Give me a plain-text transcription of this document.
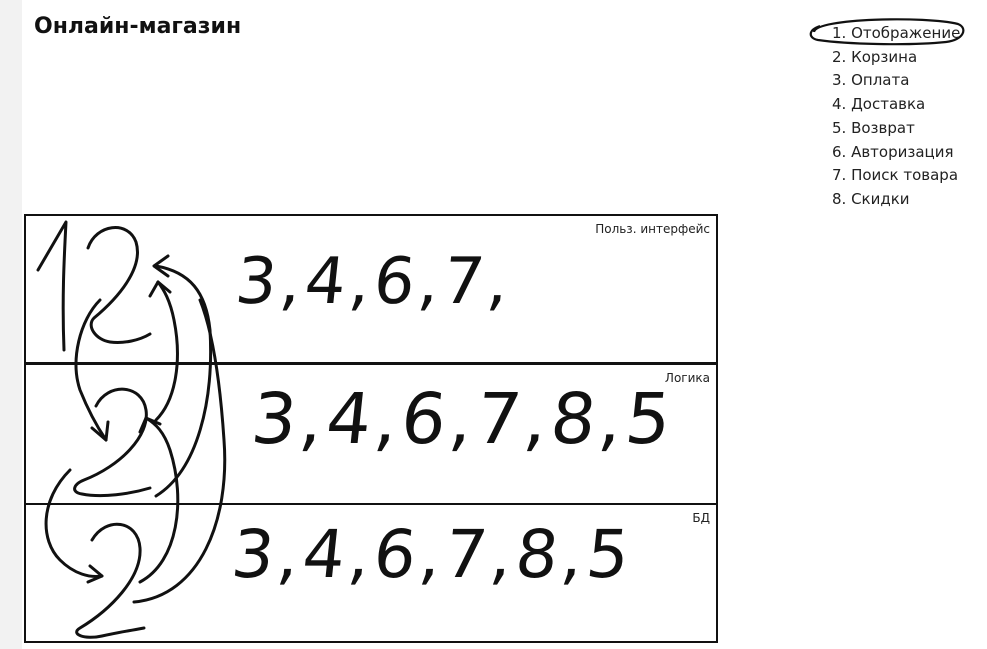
Онлайн-магазин	1. Отображение
2. Корзина
3. Оплата
4. Доставка
5. Возврат
6. Авторизация
7. Поиск товара
8. Скидки
Польз. интерфейс
Логика
БД
3,4,6,7,
3,4,6,7,8,5
3,4,6,7,8,5
